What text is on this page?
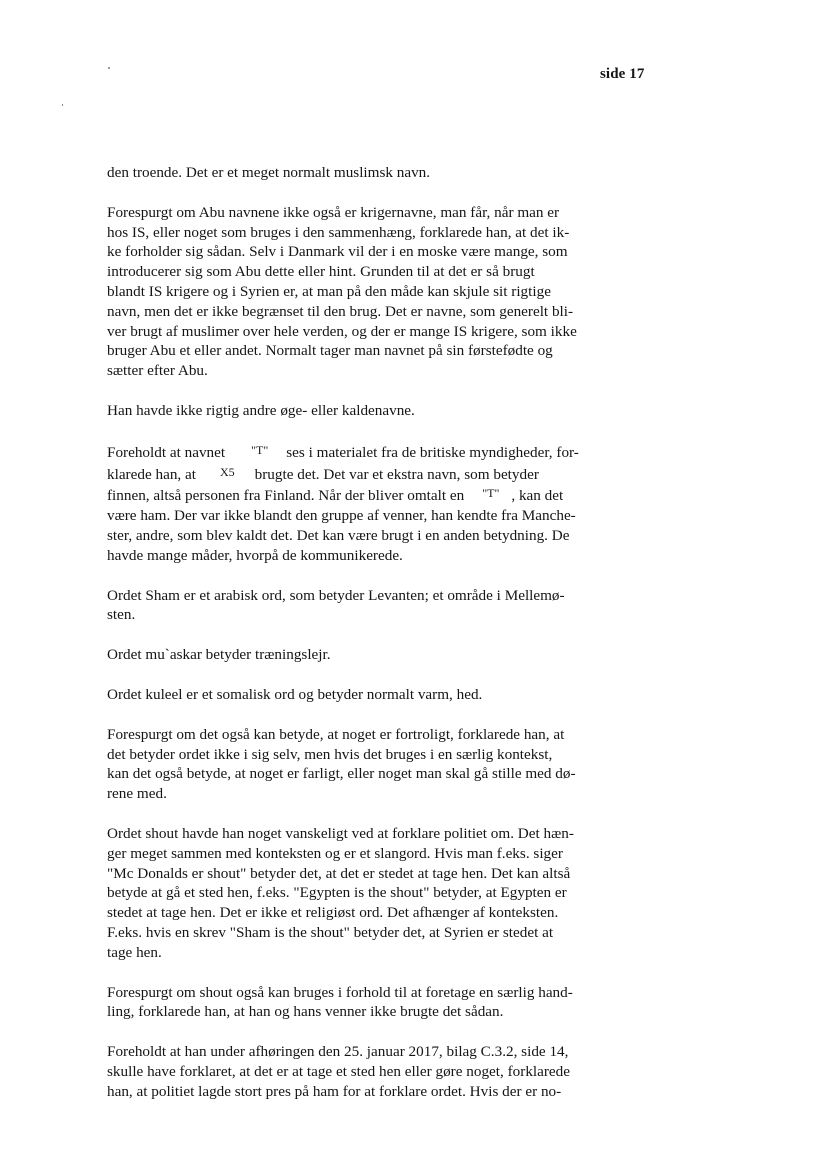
side 17

den troende. Det er et meget normalt muslimsk navn.

Forespurgt om Abu navnene ikke også er krigernavne, man får, når man er
hos IS, eller noget som bruges i den sammenhæng, forklarede han, at det ik-
ke forholder sig sådan. Selv i Danmark vil der i en moske være mange, som
introducerer sig som Abu dette eller hint. Grunden til at det er så brugt
blandt IS krigere og i Syrien er, at man på den måde kan skjule sit rigtige
navn, men det er ikke begrænset til den brug. Det er navne, som generelt bli-
ver brugt af muslimer over hele verden, og der er mange IS krigere, som ikke
bruger Abu et eller andet. Normalt tager man navnet på sin førstefødte og
sætter efter Abu.

Han havde ikke rigtig andre øge- eller kaldenavne.

Foreholdt at navnet "T" ses i materialet fra de britiske myndigheder, for-
klarede han, at X5 brugte det. Det var et ekstra navn, som betyder
finnen, altså personen fra Finland. Når der bliver omtalt en "T" , kan det
være ham. Der var ikke blandt den gruppe af venner, han kendte fra Manche-
ster, andre, som blev kaldt det. Det kan være brugt i en anden betydning. De
havde mange måder, hvorpå de kommunikerede.

Ordet Sham er et arabisk ord, som betyder Levanten; et område i Mellemø-
sten.

Ordet mu`askar betyder træningslejr.

Ordet kuleel er et somalisk ord og betyder normalt varm, hed.

Forespurgt om det også kan betyde, at noget er fortroligt, forklarede han, at
det betyder ordet ikke i sig selv, men hvis det bruges i en særlig kontekst,
kan det også betyde, at noget er farligt, eller noget man skal gå stille med dø-
rene med.

Ordet shout havde han noget vanskeligt ved at forklare politiet om. Det hæn-
ger meget sammen med konteksten og er et slangord. Hvis man f.eks. siger
"Mc Donalds er shout" betyder det, at det er stedet at tage hen. Det kan altså
betyde at gå et sted hen, f.eks. "Egypten is the shout" betyder, at Egypten er
stedet at tage hen. Det er ikke et religiøst ord. Det afhænger af konteksten.
F.eks. hvis en skrev "Sham is the shout" betyder det, at Syrien er stedet at
tage hen.

Forespurgt om shout også kan bruges i forhold til at foretage en særlig hand-
ling, forklarede han, at han og hans venner ikke brugte det sådan.

Foreholdt at han under afhøringen den 25. januar 2017, bilag C.3.2, side 14,
skulle have forklaret, at det er at tage et sted hen eller gøre noget, forklarede
han, at politiet lagde stort pres på ham for at forklare ordet. Hvis der er no-
